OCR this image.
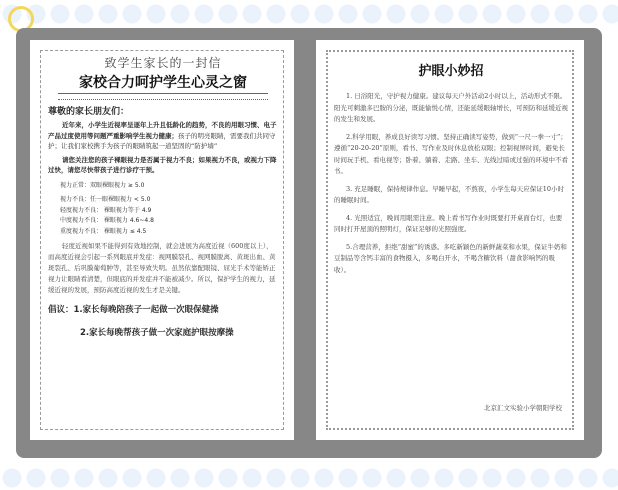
致学生家长的一封信
家校合力呵护学生心灵之窗
尊敬的家长朋友们：

近年来，小学生近视率呈逐年上升且低龄化的趋势，不良的用眼习惯、电子产品过度使用等问题严重影响学生视力健康；孩子的明亮眼睛，需要我们共同守护；让我们家校携手为孩子的眼睛筑起一道坚固的“防护墙”

请您关注您的孩子裸眼视力是否属于视力不良；如果视力不良，或视力下降过快，请您尽快带孩子进行诊疗干预。

视力正常：双眼裸眼视力 ≥ 5.0
视力不良：任一眼裸眼视力 < 5.0
轻度视力不良： 裸眼视力等于 4.9
中度视力不良： 裸眼视力 4.6~4.8
重度视力不良： 裸眼视力 ≤ 4.5

轻度近视如果不能得到有效地控制，就会进展为高度近视（600度以上），而高度近视会引起一系列眼底并发症：视网膜裂孔、视网膜脱离、黄斑出血、黄斑裂孔、后巩膜葡萄肿等，甚至导致失明。虽然依靠配眼镜、屈光手术等能矫正视力让眼睛看清楚，但眼底的并发症并不能被减少。所以，保护学生的视力，延缓近视的发展，预防高度近视的发生才是关键。

倡议：1.家长每晚陪孩子一起做一次眼保健操
2.家长每晚帮孩子做一次家庭护眼按摩操
护眼小妙招

1. 日浴阳光，守护视力健康。建议每天户外活动2小时以上，活动形式不限。阳光可刺激多巴胺的分泌，既能愉悦心情，还能延缓眼轴增长，可预防和延缓近视的发生和发展。

2.科学用眼，养成良好读写习惯。坚持正确读写姿势，做到“一尺一拳一寸”；遵循“20-20-20”原则，看书、写作业及时休息放松双眼；控制视屏时间，避免长时间玩手机、看电视等；卧着、躺着、走路、坐车、光线过暗或过强的环境中不看书。

3. 充足睡眠，保持规律作息。早睡早起，不熬夜，小学生每天应保证10小时的睡眠时间。

4. 光照适宜，晚间用眼需注意。晚上看书写作业时既要打开桌面台灯，也要同时打开屋顶的照明灯，保证足够的光照强度。

5.合理营养，拒绝“甜蜜”的诱惑。多吃新颖色的新鲜蔬菜和水果，保证牛奶和豆制品等含钙丰富的食物摄入，多喝白开水，不喝含糖饮料（甜食影响钙的吸收）。

北京汇文实验小学朝阳学校
